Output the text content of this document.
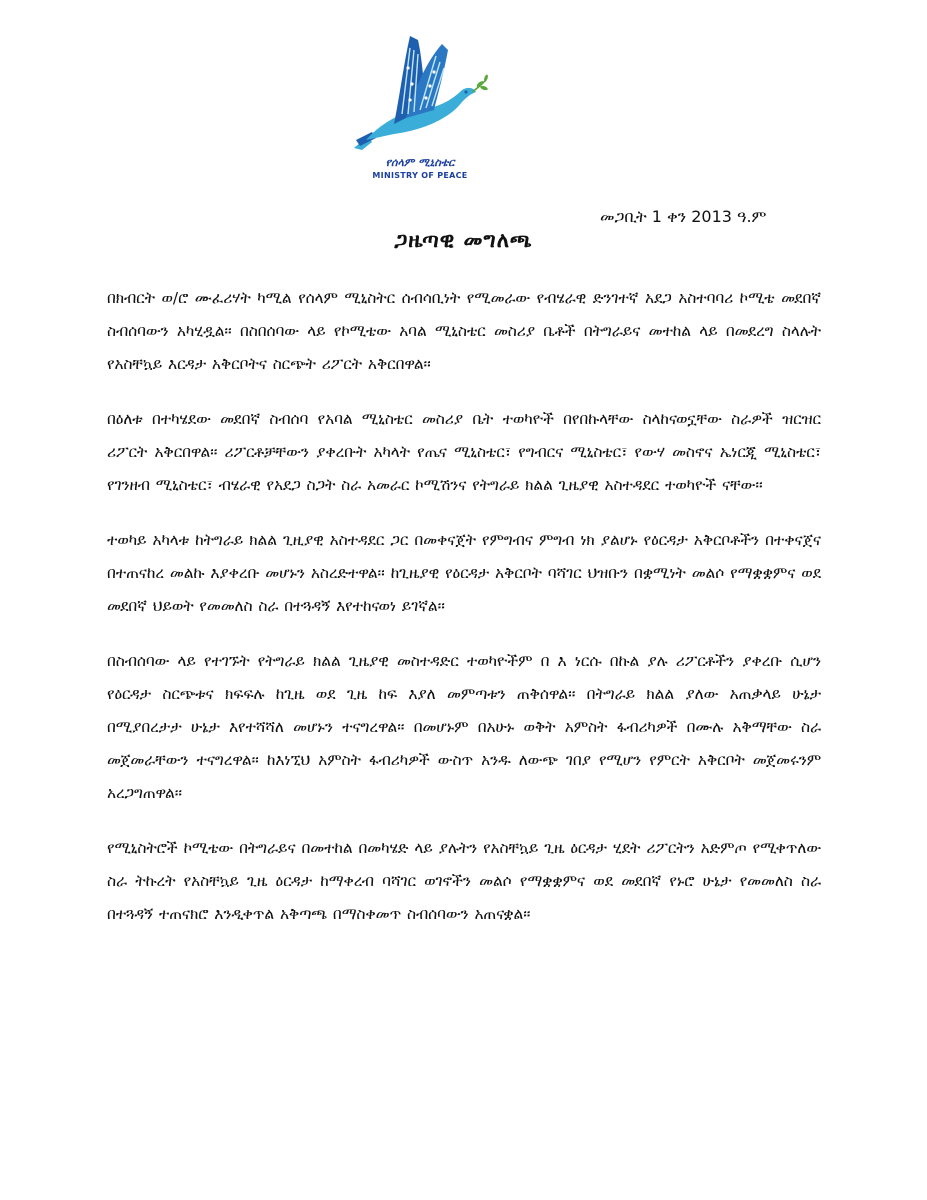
የሰላም ሚኒስቴር
MINISTRY OF PEACE
መጋቢት 1 ቀን 2013 ዓ.ም
ጋዜጣዊ መግለጫ

በክብርት ወ/ሮ ሙፈሪሃት ካሚል የሰላም ሚኒስትር ሰብሳቢነት የሚመራው የብሄራዊ ድንገተኛ አደጋ አስተባባሪ ኮሚቴ መደበኛ ስብሰባውን አካሂዷል፡፡ በስበሰባው ላይ የኮሚቴው አባል ሚኒስቴር መስሪያ ቤቶች በትግራይና መተከል ላይ በመደረግ ስላሉት የአስቸኳይ እርዳታ አቅርቦትና ስርጭት ሪፖርት አቅርበዋል፡፡

በዕለቱ በተካሄደው መደበኛ ስብሰባ የአባል ሚኒስቴር መስሪያ ቤት ተወካዮች በየበኩላቸው ስላከናወኗቸው ስራዎች ዝርዝር ሪፖርት አቅርበዋል፡፡ ሪፖርቶቻቸውን ያቀረቡት አካላት የጤና ሚኒስቴር፣ የግብርና ሚኒስቴር፣ የውሃ መስኖና ኤነርጂ ሚኒስቴር፣ የገንዘብ ሚኒስቴር፣ ብሄራዊ የአደጋ ስጋት ስራ አመራር ኮሚሽንና የትግራይ ክልል ጊዜያዊ አስተዳደር ተወካዮች ናቸው፡፡

ተወካይ አካላቱ ከትግራይ ክልል ጊዚያዊ አስተዳደር ጋር በመቀናጀት የምግብና ምግብ ነክ ያልሆኑ የዕርዳታ አቅርቦቶችን በተቀናጀና በተጠናከረ መልኩ እያቀረቡ መሆኑን አስረድተዋል፡፡ ከጊዜያዊ የዕርዳታ አቅርቦት ባሻገር ህዝቡን በቋሚነት መልሶ የማቋቋምና ወደ መደበኛ ህይወት የመመለስ ስራ በተጓዳኝ እየተከናወነ ይገኛል፡፡

በስብሰባው ላይ የተገኙት የትግራይ ክልል ጊዜያዊ መስተዳድር ተወካዮችም በ እ ነርሱ በኩል ያሉ ሪፖርቶችን ያቀረቡ ሲሆን የዕርዳታ ስርጭቱና ክፍፍሉ ከጊዜ ወደ ጊዜ ከፍ እያለ መምጣቱን ጠቅሰዋል፡፡ በትግራይ ክልል ያለው አጠቃላይ ሁኔታ በሚያበረታታ ሁኔታ እየተሻሻለ መሆኑን ተናግረዋል፡፡ በመሆኑም በአሁኑ ወቅት አምስት ፋብሪካዎች በሙሉ አቅማቸው ስራ መጀመራቸውን ተናግረዋል፡፡ ከእነኚህ አምስት ፋብሪካዎች ውስጥ አንዱ ለውጭ ገበያ የሚሆን የምርት አቅርቦት መጀመሩንም አረጋግጠዋል፡፡

የሚኒስትሮች ኮሚቴው በትግራይና በመተከል በመካሄድ ላይ ያሉትን የአስቸኳይ ጊዜ ዕርዳታ ሂደት ሪፖርትን አድምጦ የሚቀጥለው ስራ ትኩረት የአስቸኳይ ጊዜ ዕርዳታ ከማቀረብ ባሻገር ወገኖችን መልሶ የማቋቋምና ወደ መደበኛ የኑሮ ሁኔታ የመመለስ ስራ በተጓዳኝ ተጠናክሮ እንዲቀጥል አቅጣጫ በማስቀመጥ ስብሰባውን አጠናቋል፡፡
